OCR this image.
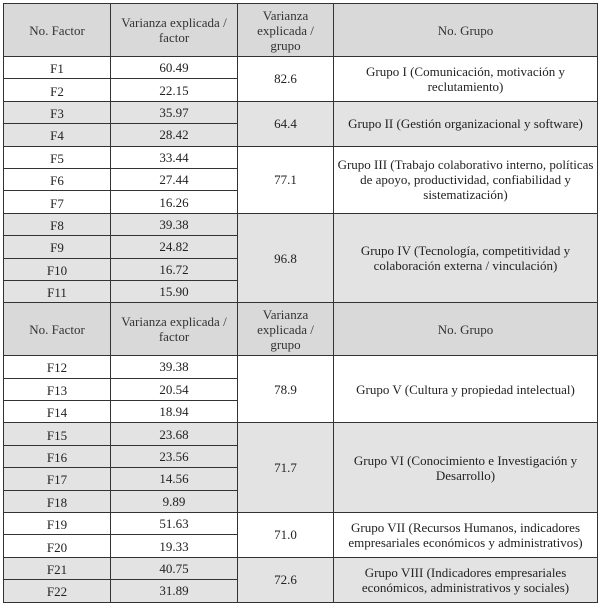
No. Factor	Varianza explicada / factor	Varianza explicada / grupo	No. Grupo
F1	60.49	82.6	Grupo I (Comunicación, motivación y reclutamiento)
F2	22.15		
F3	35.97	64.4	Grupo II (Gestión organizacional y software)
F4	28.42		
F5	33.44	77.1	Grupo III (Trabajo colaborativo interno, políticas de apoyo, productividad, confiabilidad y sistematización)
F6	27.44		
F7	16.26		
F8	39.38	96.8	Grupo IV (Tecnología, competitividad y colaboración externa / vinculación)
F9	24.82		
F10	16.72		
F11	15.90		
No. Factor	Varianza explicada / factor	Varianza explicada / grupo	No. Grupo
F12	39.38	78.9	Grupo V (Cultura y propiedad intelectual)
F13	20.54		
F14	18.94		
F15	23.68	71.7	Grupo VI (Conocimiento e Investigación y Desarrollo)
F16	23.56		
F17	14.56		
F18	9.89		
F19	51.63	71.0	Grupo VII (Recursos Humanos, indicadores empresariales económicos y administrativos)
F20	19.33		
F21	40.75	72.6	Grupo VIII (Indicadores empresariales económicos, administrativos y sociales)
F22	31.89		
